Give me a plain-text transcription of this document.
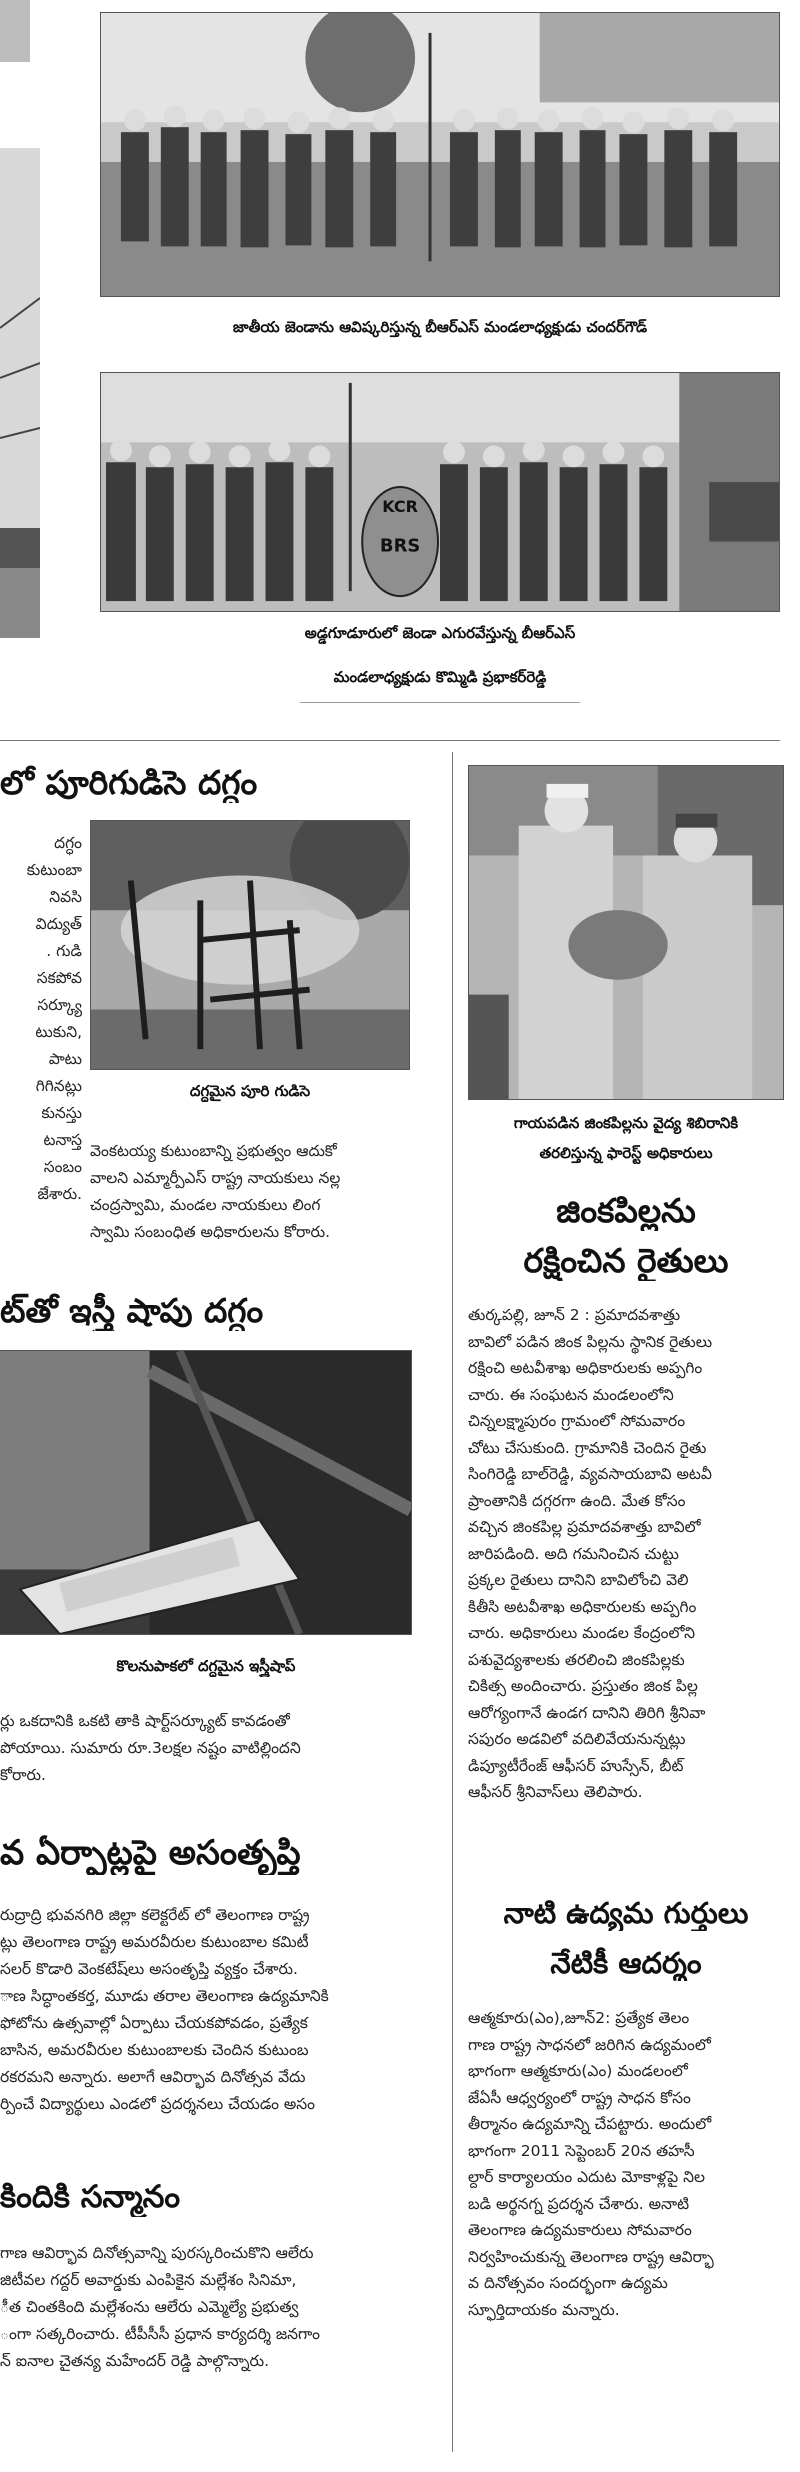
జాతీయ జెండాను ఆవిష్కరిస్తున్న బీఆర్ఎస్ మండలాధ్యక్షుడు చందర్‌గౌడ్
KCR
BRS
అడ్డగూడూరులో జెండా ఎగురవేస్తున్న బీఆర్ఎస్
మండలాధ్యక్షుడు కొమ్మిడి ప్రభాకర్‌రెడ్డి
లో పూరిగుడిసె దగ్ధం
దగ్ధం
కుటుంబా
నివసి
విద్యుత్
. గుడి
సకపోవ
సర్క్యూ
టుకుని,
పాటు
గిగినట్లు
కునస్తు
టనాస్త
సంబం
జేశారు.
దగ్ధమైన పూరి గుడిసె

వెంకటయ్య కుటుంబాన్ని ప్రభుత్వం ఆదుకో

వాలని ఎమ్మార్పీఎస్ రాష్ట్ర నాయకులు నల్ల

చంద్రస్వామి, మండల నాయకులు లింగ

స్వామి సంబంధిత అధికారులను కోరారు.

ట్‌తో ఇస్త్రీ షాపు దగ్ధం
కొలనుపాకలో దగ్ధమైన ఇస్త్రీషాప్

ర్లు ఒకదానికి ఒకటి తాకి షార్ట్‌సర్క్యూట్ కావడంతో

పోయాయి. సుమారు రూ.3లక్షల నష్టం వాటిల్లిందని

కోరారు.

వ ఏర్పాట్లపై అసంతృప్తి

రుద్రాద్రి భువనగిరి జిల్లా కలెక్టరేట్ లో తెలంగాణ రాష్ట్ర

ట్లు తెలంగాణ రాష్ట్ర అమరవీరుల కుటుంబాల కమిటీ

సలర్ కొడారి వెంకటేష్‌లు అసంతృప్తి వ్యక్తం చేశారు.

ాణ సిద్ధాంతకర్త, మూడు తరాల తెలంగాణ ఉద్యమానికి

ఫోటోను ఉత్సవాల్లో ఏర్పాటు చేయకపోవడం, ప్రత్యేక

బాసిన, అమరవీరుల కుటుంబాలకు చెందిన కుటుంబ

రకరమని అన్నారు. అలాగే ఆవిర్భావ దినోత్సవ వేదు

ర్పించే విద్యార్థులు ఎండలో ప్రదర్శనలు చేయడం అసం

కిందికి సన్మానం

గాణ ఆవిర్భావ దినోత్సవాన్ని పురస్కరించుకొని ఆలేరు

జిటీవల గద్దర్ అవార్డుకు ఎంపికైన మల్లేశం సినిమా,

ీత చింతకింది మల్లేశంను ఆలేరు ఎమ్మెల్యే ప్రభుత్వ

ంగా సత్కరించారు. టీపీసీసీ ప్రధాన కార్యదర్శి జనగాం

న్ ఐనాల చైతన్య మహేందర్ రెడ్డి పాల్గొన్నారు.

గాయపడిన జింకపిల్లను వైద్య శిబిరానికి
తరలిస్తున్న ఫారెస్ట్ అధికారులు
జింకపిల్లను
రక్షించిన రైతులు

తుర్కపల్లి, జూన్ 2 : ప్రమాదవశాత్తు

బావిలో పడిన జింక పిల్లను స్థానిక రైతులు

రక్షించి అటవీశాఖ అధికారులకు అప్పగిం

చారు. ఈ సంఘటన మండలంలోని

చిన్నలక్ష్మాపురం గ్రామంలో సోమవారం

చోటు చేసుకుంది. గ్రామానికి చెందిన రైతు

సింగిరెడ్డి బాల్‌రెడ్డి, వ్యవసాయబావి అటవీ

ప్రాంతానికి దగ్గరగా ఉంది. మేత కోసం

వచ్చిన జింకపిల్ల ప్రమాదవశాత్తు బావిలో

జారిపడింది. అది గమనించిన చుట్టు

ప్రక్కల రైతులు దానిని బావిలోంచి వెలి

కితీసి అటవీశాఖ అధికారులకు అప్పగిం

చారు. అధికారులు మండల కేంద్రంలోని

పశువైద్యశాలకు తరలించి జింకపిల్లకు

చికిత్స అందించారు. ప్రస్తుతం జింక పిల్ల

ఆరోగ్యంగానే ఉండగ దానిని తిరిగి శ్రీనివా

సపురం అడవిలో వదిలివేయనున్నట్లు

డిప్యూటీరేంజ్ ఆఫీసర్ హుస్సేన్, బీట్

ఆఫీసర్ శ్రీనివాస్‌లు తెలిపారు.

నాటి ఉద్యమ గుర్తులు
నేటికీ ఆదర్శం

ఆత్మకూరు(ఎం),జూన్2: ప్రత్యేక తెలం

గాణ రాష్ట్ర సాధనలో జరిగిన ఉద్యమంలో

భాగంగా ఆత్మకూరు(ఎం) మండలంలో

జేఏసీ ఆధ్వర్యంలో రాష్ట్ర సాధన కోసం

తీర్మానం ఉద్యమాన్ని చేపట్టారు. అందులో

భాగంగా 2011 సెప్టెంబర్ 20న తహసీ

ల్దార్ కార్యాలయం ఎదుట మోకాళ్లపై నిల

బడి అర్థనగ్న ప్రదర్శన చేశారు. అనాటి

తెలంగాణ ఉద్యమకారులు సోమవారం

నిర్వహించుకున్న తెలంగాణ రాష్ట్ర ఆవిర్భా

వ దినోత్సవం సందర్భంగా ఉద్యమ

స్ఫూర్తిదాయకం మన్నారు.
